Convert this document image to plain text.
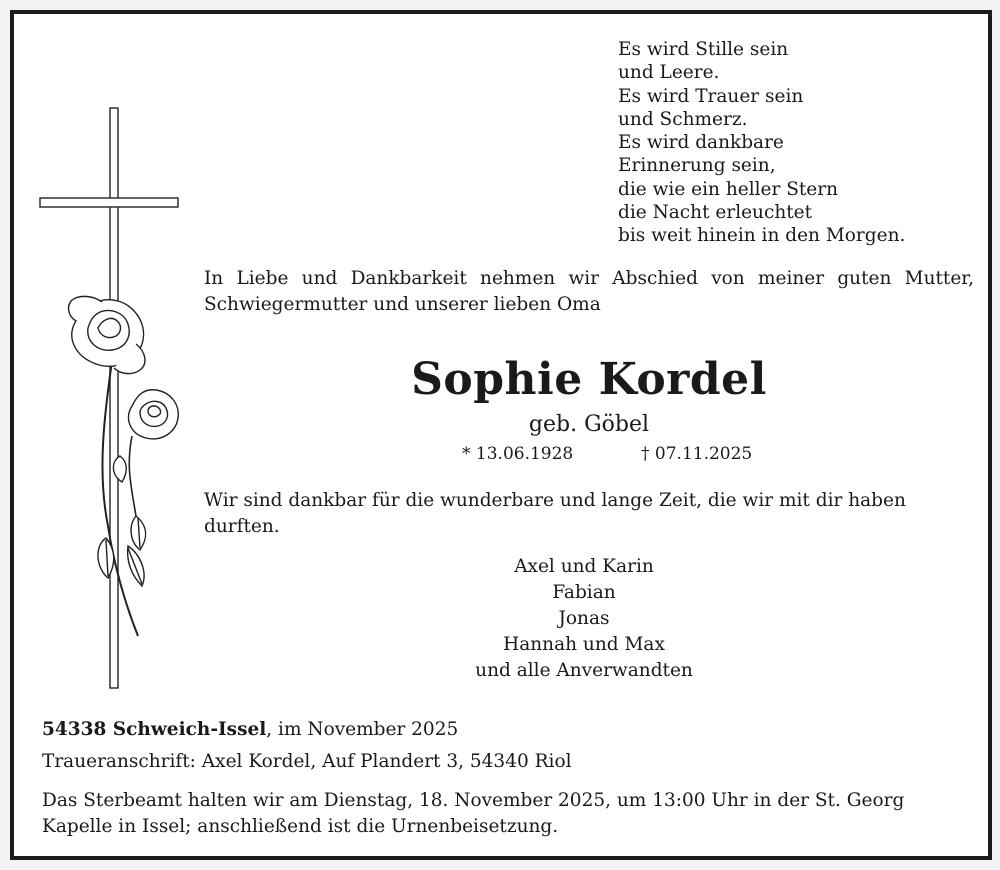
Es wird Stille sein
und Leere.
Es wird Trauer sein
und Schmerz.
Es wird dankbare
Erinnerung sein,
die wie ein heller Stern
die Nacht erleuchtet
bis weit hinein in den Morgen.
In Liebe und Dankbarkeit nehmen wir Abschied von meiner guten Mutter, Schwiegermutter und unserer lieben Oma
Sophie Kordel
geb. Göbel
* 13.06.1928	† 07.11.2025
Wir sind dankbar für die wunderbare und lange Zeit, die wir mit dir haben durften.
Axel und Karin
Fabian
Jonas
Hannah und Max
und alle Anverwandten
54338 Schweich-Issel, im November 2025
Traueranschrift: Axel Kordel, Auf Plandert 3, 54340 Riol
Das Sterbeamt halten wir am Dienstag, 18. November 2025, um 13:00 Uhr in der St. Georg Kapelle in Issel; anschließend ist die Urnenbeisetzung.
